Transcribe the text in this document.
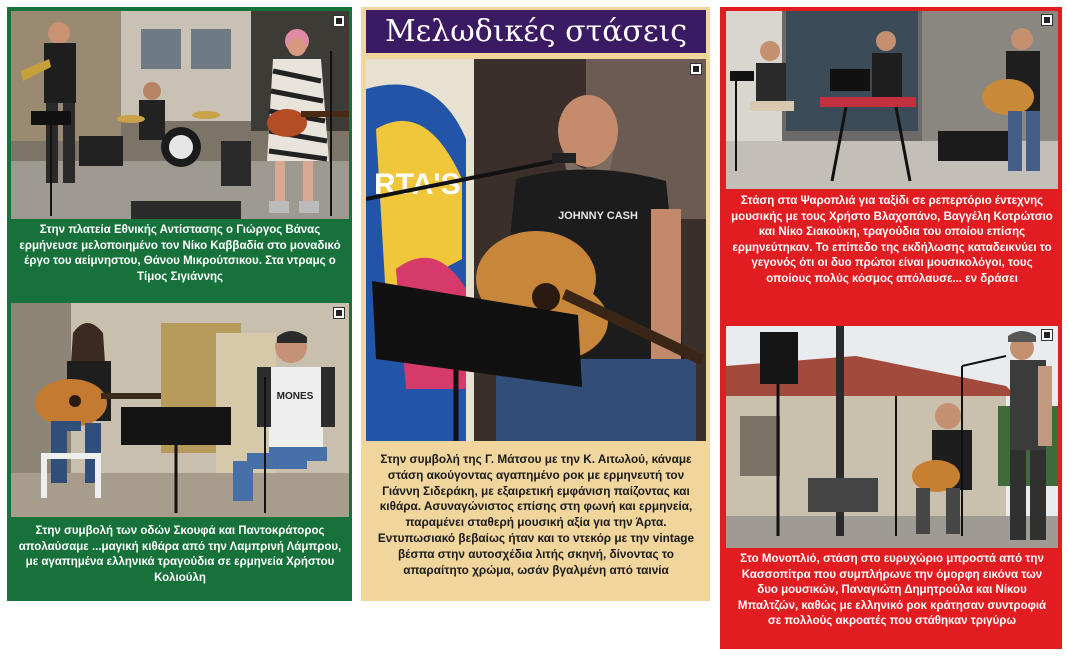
Στην πλατεία Εθνικής Αντίστασης ο Γιώργος Βάνας ερμήνευσε μελοποιημένο τον Νίκο Καββαδία στο μοναδικό έργο του αείμνηστου, Θάνου Μικρούτσικου. Στα ντραμς ο Τίμος Σιγιάννης
MONES
Στην συμβολή των οδών Σκουφά και Παντοκράτορος απολαύσαμε ...μαγική κιθάρα από την Λαμπρινή Λάμπρου, με αγαπημένα ελληνικά τραγούδια σε ερμηνεία Χρήστου Κολιούλη
Μελωδικές στάσεις
RTA'S
JOHNNY CASH
Στην συμβολή της Γ. Μάτσου με την Κ. Αιτωλού, κάναμε στάση ακούγοντας αγαπημένο ροκ με ερμηνευτή τον Γιάννη Σιδεράκη, με εξαιρετική εμφάνιση παίζοντας και κιθάρα. Ασυναγώνιστος επίσης στη φωνή και ερμηνεία, παραμένει σταθερή μουσική αξία για την Άρτα. Εντυπωσιακό βεβαίως ήταν και το ντεκόρ με την vintage βέσπα στην αυτοσχέδια λιτής σκηνή, δίνοντας το απαραίτητο χρώμα, ωσάν βγαλμένη από ταινία
Στάση στα Ψαροπλιά για ταξίδι σε ρεπερτόριο έντεχνης μουσικής με τους Χρήστο Βλαχοπάνο, Βαγγέλη Κοτρώτσιο και Νίκο Σιακούκη, τραγούδια του οποίου επίσης ερμηνεύτηκαν. Το επίπεδο της εκδήλωσης καταδεικνύει το γεγονός ότι οι δυο πρώτοι είναι μουσικολόγοι, τους οποίους πολύς κόσμος απόλαυσε... εν δράσει
Στο Μονοπλιό, στάση στο ευρυχώριο μπροστά από την Κασσοπίτρα που συμπλήρωνε την όμορφη εικόνα των δυο μουσικών, Παναγιώτη Δημητρούλα και Νίκου Μπαλτζών, καθώς με ελληνικό ροκ κράτησαν συντροφιά σε πολλούς ακροατές που στάθηκαν τριγύρω
